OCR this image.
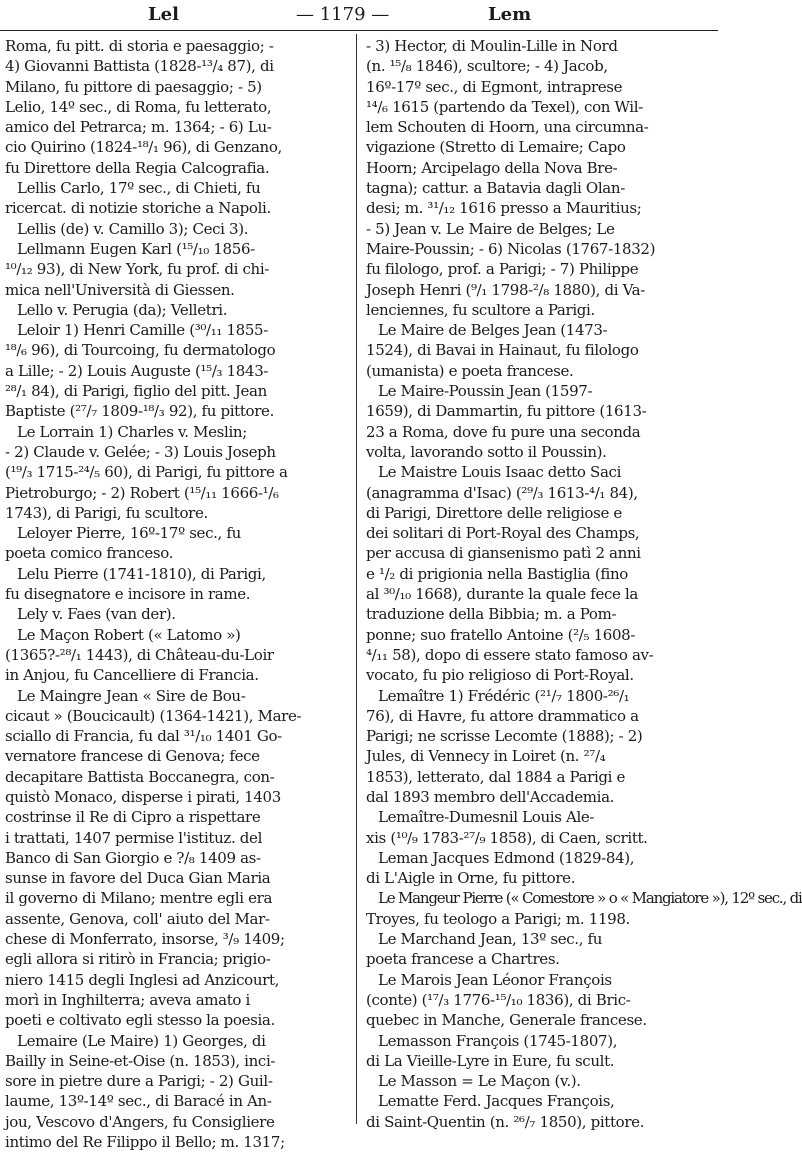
Lel	— 1179 —	Lem
Roma, fu pitt. di storia e paesaggio; -
4) Giovanni Battista (1828-¹³/₄ 87), di
Milano, fu pittore di paesaggio; - 5)
Lelio, 14º sec., di Roma, fu letterato,
amico del Petrarca; m. 1364; - 6) Lu-
cio Quirino (1824-¹⁸/₁ 96), di Genzano,
fu Direttore della Regia Calcografia.
Lellis Carlo, 17º sec., di Chieti, fu
ricercat. di notizie storiche a Napoli.
Lellis (de) v. Camillo 3); Ceci 3).
Lellmann Eugen Karl (¹⁵/₁₀ 1856-
¹⁰/₁₂ 93), di New York, fu prof. di chi-
mica nell'Università di Giessen.
Lello v. Perugia (da); Velletri.
Leloir 1) Henri Camille (³⁰/₁₁ 1855-
¹⁸/₆ 96), di Tourcoing, fu dermatologo
a Lille; - 2) Louis Auguste (¹⁵/₃ 1843-
²⁸/₁ 84), di Parigi, figlio del pitt. Jean
Baptiste (²⁷/₇ 1809-¹⁸/₃ 92), fu pittore.
Le Lorrain 1) Charles v. Meslin;
- 2) Claude v. Gelée; - 3) Louis Joseph
(¹⁹/₃ 1715-²⁴/₅ 60), di Parigi, fu pittore a
Pietroburgo; - 2) Robert (¹⁵/₁₁ 1666-¹/₆
1743), di Parigi, fu scultore.
Leloyer Pierre, 16º-17º sec., fu
poeta comico franceso.
Lelu Pierre (1741-1810), di Parigi,
fu disegnatore e incisore in rame.
Lely v. Faes (van der).
Le Maçon Robert (« Latomo »)
(1365?-²⁸/₁ 1443), di Château-du-Loir
in Anjou, fu Cancelliere di Francia.
Le Maingre Jean « Sire de Bou-
cicaut » (Boucicault) (1364-1421), Mare-
sciallo di Francia, fu dal ³¹/₁₀ 1401 Go-
vernatore francese di Genova; fece
decapitare Battista Boccanegra, con-
quistò Monaco, disperse i pirati, 1403
costrinse il Re di Cipro a rispettare
i trattati, 1407 permise l'istituz. del
Banco di San Giorgio e ?/₈ 1409 as-
sunse in favore del Duca Gian Maria
il governo di Milano; mentre egli era
assente, Genova, coll' aiuto del Mar-
chese di Monferrato, insorse, ³/₉ 1409;
egli allora si ritirò in Francia; prigio-
niero 1415 degli Inglesi ad Anzicourt,
morì in Inghilterra; aveva amato i
poeti e coltivato egli stesso la poesia.
Lemaire (Le Maire) 1) Georges, di
Bailly in Seine-et-Oise (n. 1853), inci-
sore in pietre dure a Parigi; - 2) Guil-
laume, 13º-14º sec., di Baracé in An-
jou, Vescovo d'Angers, fu Consigliere
intimo del Re Filippo il Bello; m. 1317;
- 3) Hector, di Moulin-Lille in Nord
(n. ¹⁵/₈ 1846), scultore; - 4) Jacob,
16º-17º sec., di Egmont, intraprese
¹⁴/₆ 1615 (partendo da Texel), con Wil-
lem Schouten di Hoorn, una circumna-
vigazione (Stretto di Lemaire; Capo
Hoorn; Arcipelago della Nova Bre-
tagna); cattur. a Batavia dagli Olan-
desi; m. ³¹/₁₂ 1616 presso a Mauritius;
- 5) Jean v. Le Maire de Belges; Le
Maire-Poussin; - 6) Nicolas (1767-1832)
fu filologo, prof. a Parigi; - 7) Philippe
Joseph Henri (⁹/₁ 1798-²/₈ 1880), di Va-
lenciennes, fu scultore a Parigi.
Le Maire de Belges Jean (1473-
1524), di Bavai in Hainaut, fu filologo
(umanista) e poeta francese.
Le Maire-Poussin Jean (1597-
1659), di Dammartin, fu pittore (1613-
23 a Roma, dove fu pure una seconda
volta, lavorando sotto il Poussin).
Le Maistre Louis Isaac detto Saci
(anagramma d'Isac) (²⁹/₃ 1613-⁴/₁ 84),
di Parigi, Direttore delle religiose e
dei solitari di Port-Royal des Champs,
per accusa di giansenismo patì 2 anni
e ¹/₂ di prigionia nella Bastiglia (fino
al ³⁰/₁₀ 1668), durante la quale fece la
traduzione della Bibbia; m. a Pom-
ponne; suo fratello Antoine (²/₅ 1608-
⁴/₁₁ 58), dopo di essere stato famoso av-
vocato, fu pio religioso di Port-Royal.
Lemaître 1) Frédéric (²¹/₇ 1800-²⁶/₁
76), di Havre, fu attore drammatico a
Parigi; ne scrisse Lecomte (1888); - 2)
Jules, di Vennecy in Loiret (n. ²⁷/₄
1853), letterato, dal 1884 a Parigi e
dal 1893 membro dell'Accademia.
Lemaître-Dumesnil Louis Ale-
xis (¹⁰/₉ 1783-²⁷/₉ 1858), di Caen, scritt.
Leman Jacques Edmond (1829-84),
di L'Aigle in Orne, fu pittore.
Le Mangeur Pierre (« Comestore » o « Mangiatore »), 12º sec., di
Troyes, fu teologo a Parigi; m. 1198.
Le Marchand Jean, 13º sec., fu
poeta francese a Chartres.
Le Marois Jean Léonor François
(conte) (¹⁷/₃ 1776-¹⁵/₁₀ 1836), di Bric-
quebec in Manche, Generale francese.
Lemasson François (1745-1807),
di La Vieille-Lyre in Eure, fu scult.
Le Masson = Le Maçon (v.).
Lematte Ferd. Jacques François,
di Saint-Quentin (n. ²⁶/₇ 1850), pittore.
